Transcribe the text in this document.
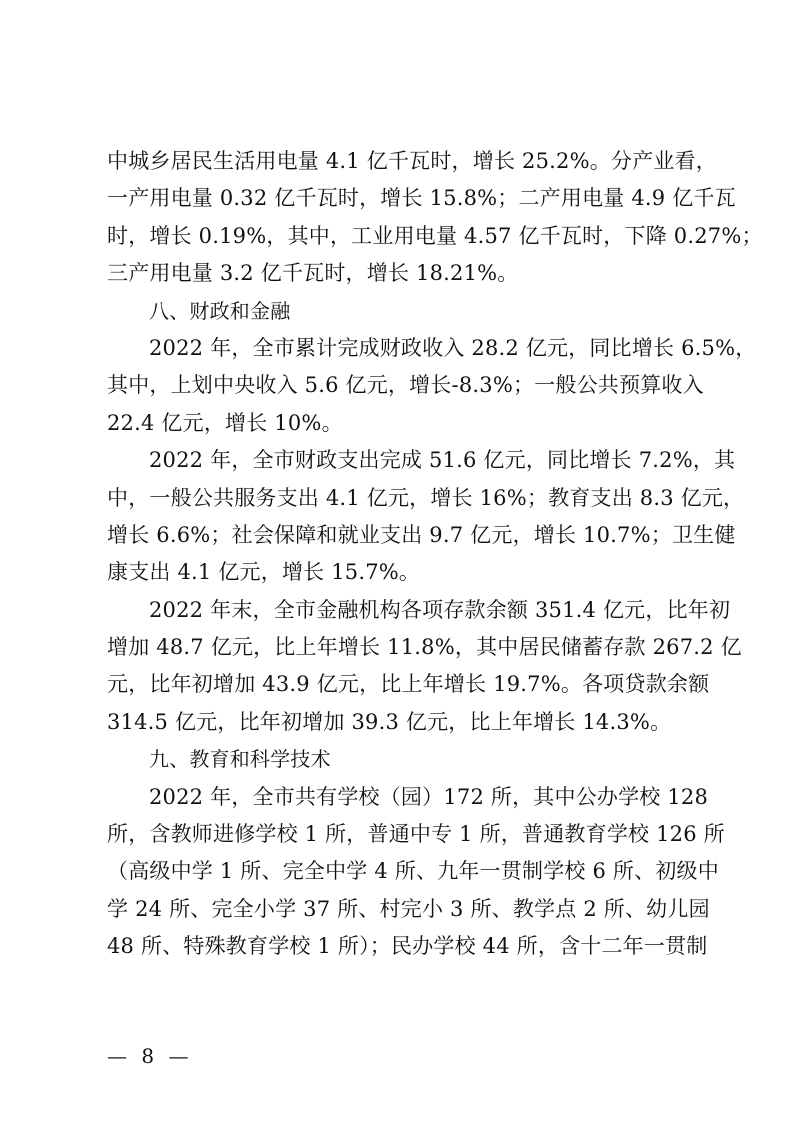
中城乡居民生活用电量 4.1 亿千瓦时，增长 25.2%。分产业看，
一产用电量 0.32 亿千瓦时，增长 15.8%；二产用电量 4.9 亿千瓦
时，增长 0.19%，其中，工业用电量 4.57 亿千瓦时，下降 0.27%；
三产用电量 3.2 亿千瓦时，增长 18.21%。
八、财政和金融
2022 年，全市累计完成财政收入 28.2 亿元，同比增长 6.5%，
其中，上划中央收入 5.6 亿元，增长-8.3%；一般公共预算收入
22.4 亿元，增长 10%。
2022 年，全市财政支出完成 51.6 亿元，同比增长 7.2%，其
中，一般公共服务支出 4.1 亿元，增长 16%；教育支出 8.3 亿元，
增长 6.6%；社会保障和就业支出 9.7 亿元，增长 10.7%；卫生健
康支出 4.1 亿元，增长 15.7%。
2022 年末，全市金融机构各项存款余额 351.4 亿元，比年初
增加 48.7 亿元，比上年增长 11.8%，其中居民储蓄存款 267.2 亿
元，比年初增加 43.9 亿元，比上年增长 19.7%。各项贷款余额
314.5 亿元，比年初增加 39.3 亿元，比上年增长 14.3%。
九、教育和科学技术
2022 年，全市共有学校（园）172 所，其中公办学校 128
所，含教师进修学校 1 所，普通中专 1 所，普通教育学校 126 所
（高级中学 1 所、完全中学 4 所、九年一贯制学校 6 所、初级中
学 24 所、完全小学 37 所、村完小 3 所、教学点 2 所、幼儿园
48 所、特殊教育学校 1 所）；民办学校 44 所，含十二年一贯制
— 8 —
